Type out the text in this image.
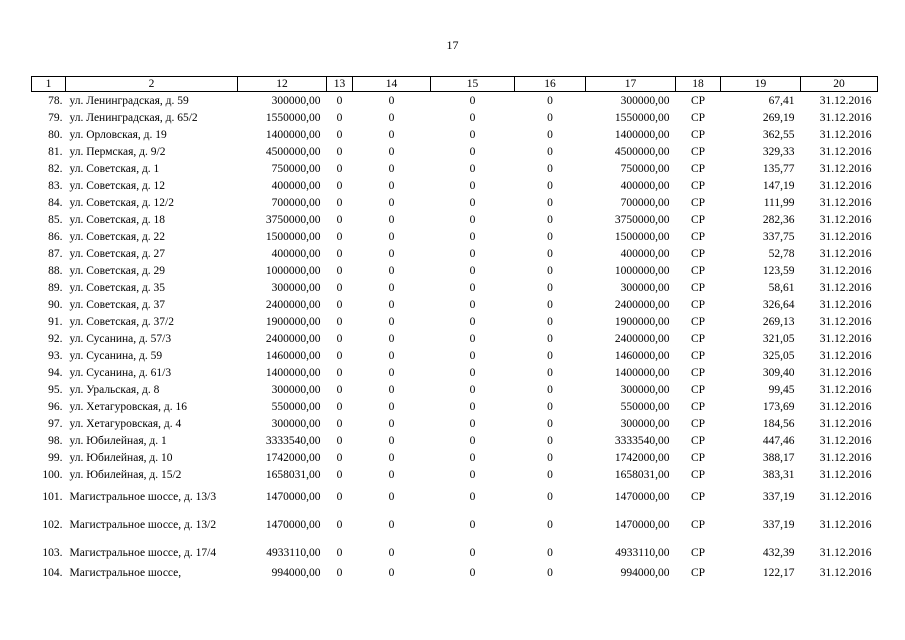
17
1	2	12	13	14	15	16	17	18	19	20
78.	ул. Ленинградская, д. 59	300000,00	0	0	0	0	300000,00	СР	67,41	31.12.2016
79.	ул. Ленинградская, д. 65/2	1550000,00	0	0	0	0	1550000,00	СР	269,19	31.12.2016
80.	ул. Орловская, д. 19	1400000,00	0	0	0	0	1400000,00	СР	362,55	31.12.2016
81.	ул. Пермская, д. 9/2	4500000,00	0	0	0	0	4500000,00	СР	329,33	31.12.2016
82.	ул. Советская, д. 1	750000,00	0	0	0	0	750000,00	СР	135,77	31.12.2016
83.	ул. Советская, д. 12	400000,00	0	0	0	0	400000,00	СР	147,19	31.12.2016
84.	ул. Советская, д. 12/2	700000,00	0	0	0	0	700000,00	СР	111,99	31.12.2016
85.	ул. Советская, д. 18	3750000,00	0	0	0	0	3750000,00	СР	282,36	31.12.2016
86.	ул. Советская, д. 22	1500000,00	0	0	0	0	1500000,00	СР	337,75	31.12.2016
87.	ул. Советская, д. 27	400000,00	0	0	0	0	400000,00	СР	52,78	31.12.2016
88.	ул. Советская, д. 29	1000000,00	0	0	0	0	1000000,00	СР	123,59	31.12.2016
89.	ул. Советская, д. 35	300000,00	0	0	0	0	300000,00	СР	58,61	31.12.2016
90.	ул. Советская, д. 37	2400000,00	0	0	0	0	2400000,00	СР	326,64	31.12.2016
91.	ул. Советская, д. 37/2	1900000,00	0	0	0	0	1900000,00	СР	269,13	31.12.2016
92.	ул. Сусанина, д. 57/3	2400000,00	0	0	0	0	2400000,00	СР	321,05	31.12.2016
93.	ул. Сусанина, д. 59	1460000,00	0	0	0	0	1460000,00	СР	325,05	31.12.2016
94.	ул. Сусанина, д. 61/3	1400000,00	0	0	0	0	1400000,00	СР	309,40	31.12.2016
95.	ул. Уральская, д. 8	300000,00	0	0	0	0	300000,00	СР	99,45	31.12.2016
96.	ул. Хетагуровская, д. 16	550000,00	0	0	0	0	550000,00	СР	173,69	31.12.2016
97.	ул. Хетагуровская, д. 4	300000,00	0	0	0	0	300000,00	СР	184,56	31.12.2016
98.	ул. Юбилейная, д. 1	3333540,00	0	0	0	0	3333540,00	СР	447,46	31.12.2016
99.	ул. Юбилейная, д. 10	1742000,00	0	0	0	0	1742000,00	СР	388,17	31.12.2016
100.	ул. Юбилейная, д. 15/2	1658031,00	0	0	0	0	1658031,00	СР	383,31	31.12.2016
101.	Магистральное шоссе, д. 13/3	1470000,00	0	0	0	0	1470000,00	СР	337,19	31.12.2016
102.	Магистральное шоссе, д. 13/2	1470000,00	0	0	0	0	1470000,00	СР	337,19	31.12.2016
103.	Магистральное шоссе, д. 17/4	4933110,00	0	0	0	0	4933110,00	СР	432,39	31.12.2016
104.	Магистральное шоссе,	994000,00	0	0	0	0	994000,00	СР	122,17	31.12.2016
